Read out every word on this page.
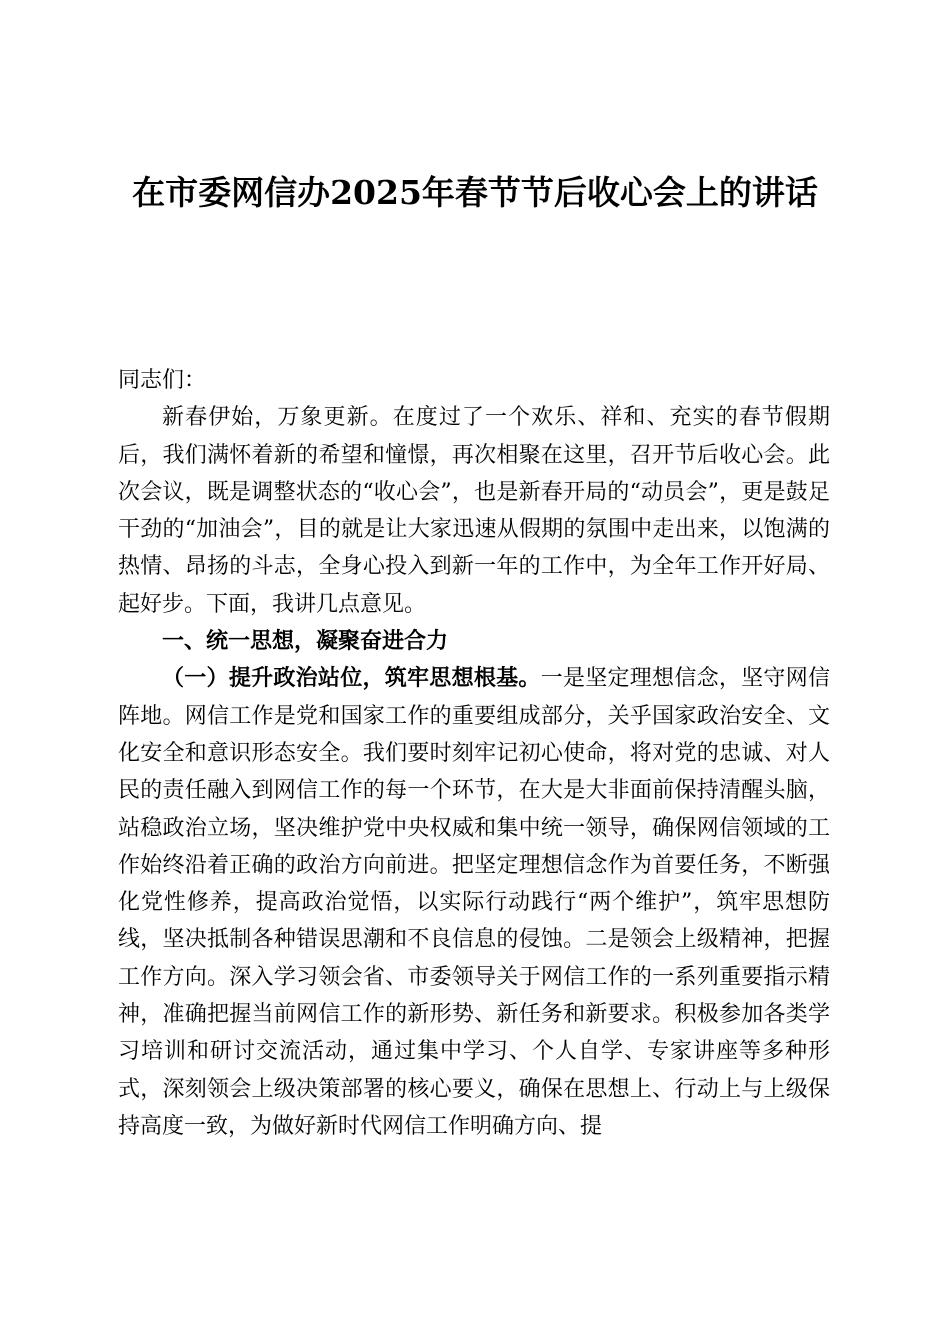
在市委网信办2025年春节节后收心会上的讲话

同志们：

新春伊始，万象更新。在度过了一个欢乐、祥和、充实的春节假期后，我们满怀着新的希望和憧憬，再次相聚在这里，召开节后收心会。此次会议，既是调整状态的“收心会”，也是新春开局的“动员会”，更是鼓足干劲的“加油会”，目的就是让大家迅速从假期的氛围中走出来，以饱满的热情、昂扬的斗志，全身心投入到新一年的工作中，为全年工作开好局、起好步。下面，我讲几点意见。

一、统一思想，凝聚奋进合力

（一）提升政治站位，筑牢思想根基。一是坚定理想信念，坚守网信阵地。网信工作是党和国家工作的重要组成部分，关乎国家政治安全、文化安全和意识形态安全。我们要时刻牢记初心使命，将对党的忠诚、对人民的责任融入到网信工作的每一个环节，在大是大非面前保持清醒头脑，站稳政治立场，坚决维护党中央权威和集中统一领导，确保网信领域的工作始终沿着正确的政治方向前进。把坚定理想信念作为首要任务，不断强化党性修养，提高政治觉悟，以实际行动践行“两个维护”，筑牢思想防线，坚决抵制各种错误思潮和不良信息的侵蚀。二是领会上级精神，把握工作方向。深入学习领会省、市委领导关于网信工作的一系列重要指示精神，准确把握当前网信工作的新形势、新任务和新要求。积极参加各类学习培训和研讨交流活动，通过集中学习、个人自学、专家讲座等多种形式，深刻领会上级决策部署的核心要义，确保在思想上、行动上与上级保持高度一致，为做好新时代网信工作明确方向、提
